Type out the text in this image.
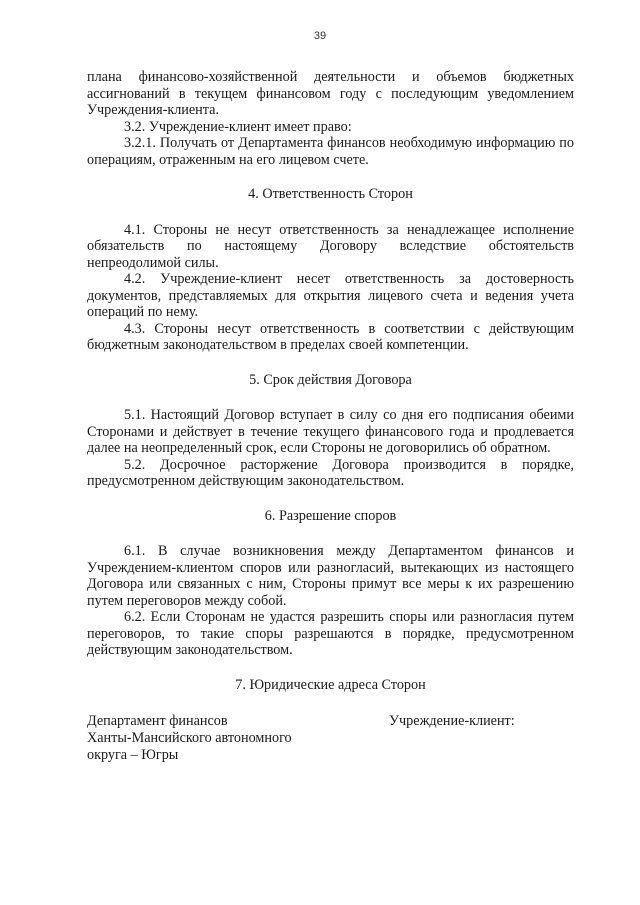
39

плана финансово-хозяйственной деятельности и объемов бюджетных ассигнований в текущем финансовом году с последующим уведомлением Учреждения-клиента.

3.2. Учреждение-клиент имеет право:

3.2.1. Получать от Департамента финансов необходимую информацию по операциям, отраженным на его лицевом счете.

4. Ответственность Сторон

4.1. Стороны не несут ответственность за ненадлежащее исполнение обязательств по настоящему Договору вследствие обстоятельств непреодолимой силы.

4.2. Учреждение-клиент несет ответственность за достоверность документов, представляемых для открытия лицевого счета и ведения учета операций по нему.

4.3. Стороны несут ответственность в соответствии с действующим бюджетным законодательством в пределах своей компетенции.

5. Срок действия Договора

5.1. Настоящий Договор вступает в силу со дня его подписания обеими Сторонами и действует в течение текущего финансового года и продлевается далее на неопределенный срок, если Стороны не договорились об обратном.

5.2. Досрочное расторжение Договора производится в порядке, предусмотренном действующим законодательством.

6. Разрешение споров

6.1. В случае возникновения между Департаментом финансов и Учреждением-клиентом споров или разногласий, вытекающих из настоящего Договора или связанных с ним, Стороны примут все меры к их разрешению путем переговоров между собой.

6.2. Если Сторонам не удастся разрешить споры или разногласия путем переговоров, то такие споры разрешаются в порядке, предусмотренном действующим законодательством.

7. Юридические адреса Сторон
Департамент финансов
Ханты-Мансийского автономного
округа – Югры
Учреждение-клиент:
